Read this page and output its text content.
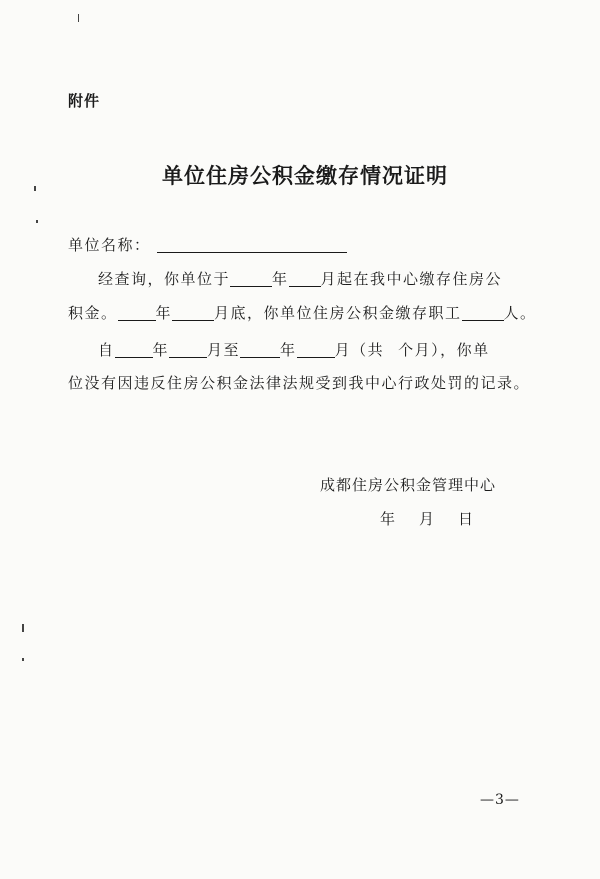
附件
单位住房公积金缴存情况证明
单位名称：
经查询，你单位于	年 月起在我中心缴存住房公
积金。	年	月底，你单位住房公积金缴存职工	人。
自	年	月至	年	月（共 个月），你单
位没有因违反住房公积金法律法规受到我中心行政处罚的记录。
成都住房公积金管理中心
年 月 日
—3—
